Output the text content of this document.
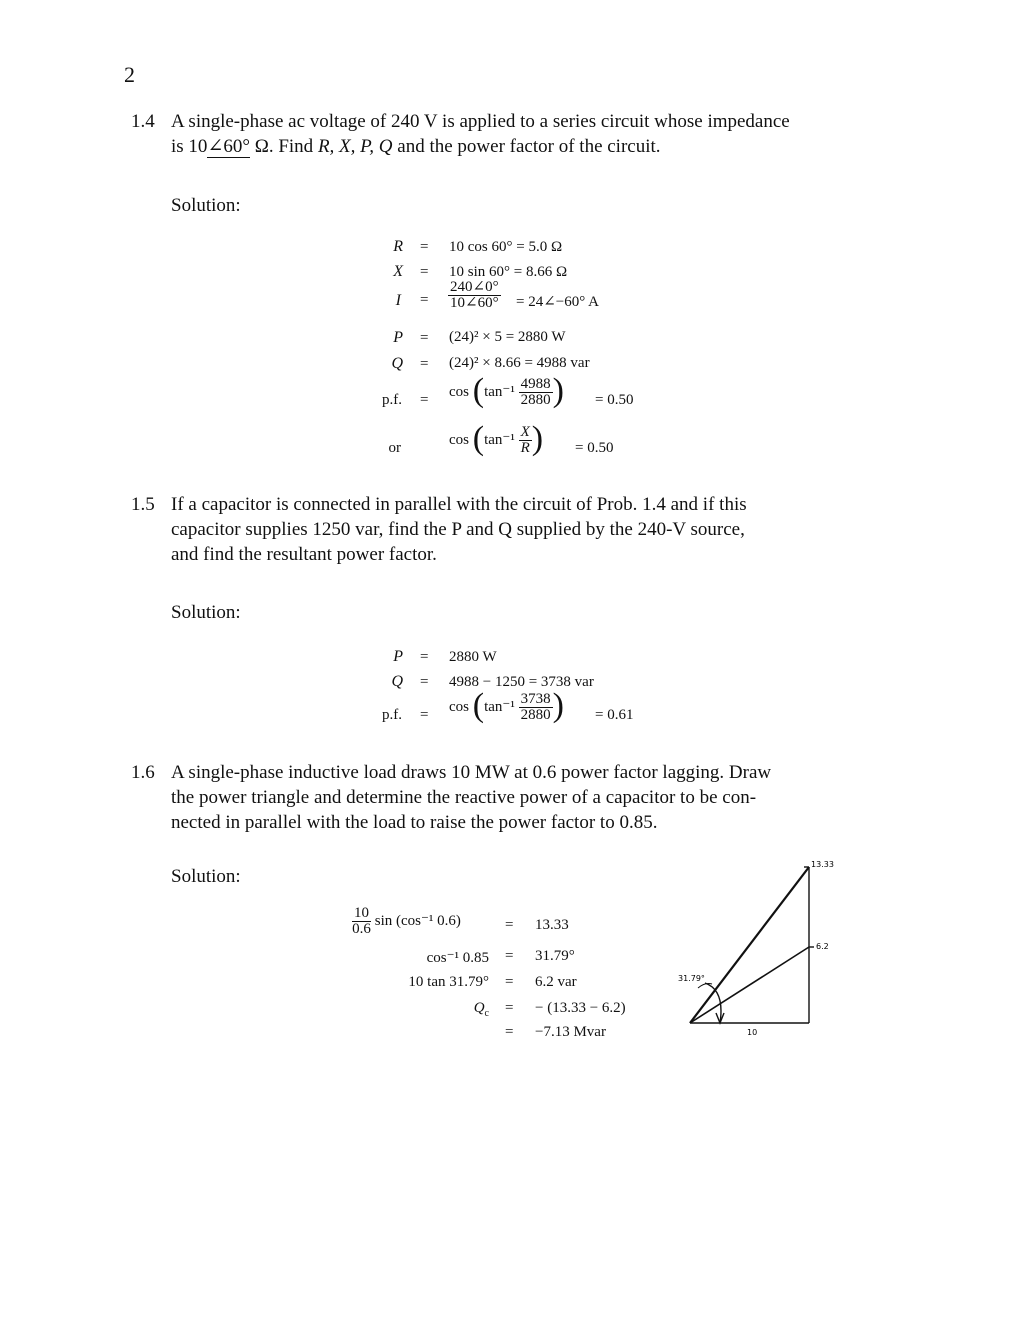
2
1.4 A single-phase ac voltage of 240 V is applied to a series circuit whose impedance
is 10∠60° Ω. Find R, X, P, Q and the power factor of the circuit.
Solution:
R = 10 cos 60° = 5.0 Ω
X = 10 sin 60° = 8.66 Ω
$I = \frac{240\angle 0^\circ}{10\angle 60^\circ}$ = 24∠−60° A
P = (24)² × 5 = 2880 W
Q = (24)² × 8.66 = 4988 var
p.f. =
$\cos (\tan^{-1} \frac{4988}{2880}$ ) = 0.50
or
$\cos (\tan^{-1} \frac{X}{R}$ ) = 0.50
1.5 If a capacitor is connected in parallel with the circuit of Prob. 1.4 and if this
capacitor supplies 1250 var, find the P and Q supplied by the 240-V source,
and find the resultant power factor.
Solution:
P = 2880 W
Q = 4988 − 1250 = 3738 var
p.f. =
$\cos (\tan^{-1} \frac{3738}{2880}$ ) = 0.61
1.6 A single-phase inductive load draws 10 MW at 0.6 power factor lagging. Draw
the power triangle and determine the reactive power of a capacitor to be con-
nected in parallel with the load to raise the power factor to 0.85.
Solution:
$\frac{10}{0.6}$ sin (cos⁻¹ 0.6)	= 13.33
cos⁻¹ 0.85 = 31.79°
10 tan 31.79° = 6.2 var
$Q_c$ = − (13.33 − 6.2)
= −7.13 Mvar
13.33
6.2
31.79°
10
